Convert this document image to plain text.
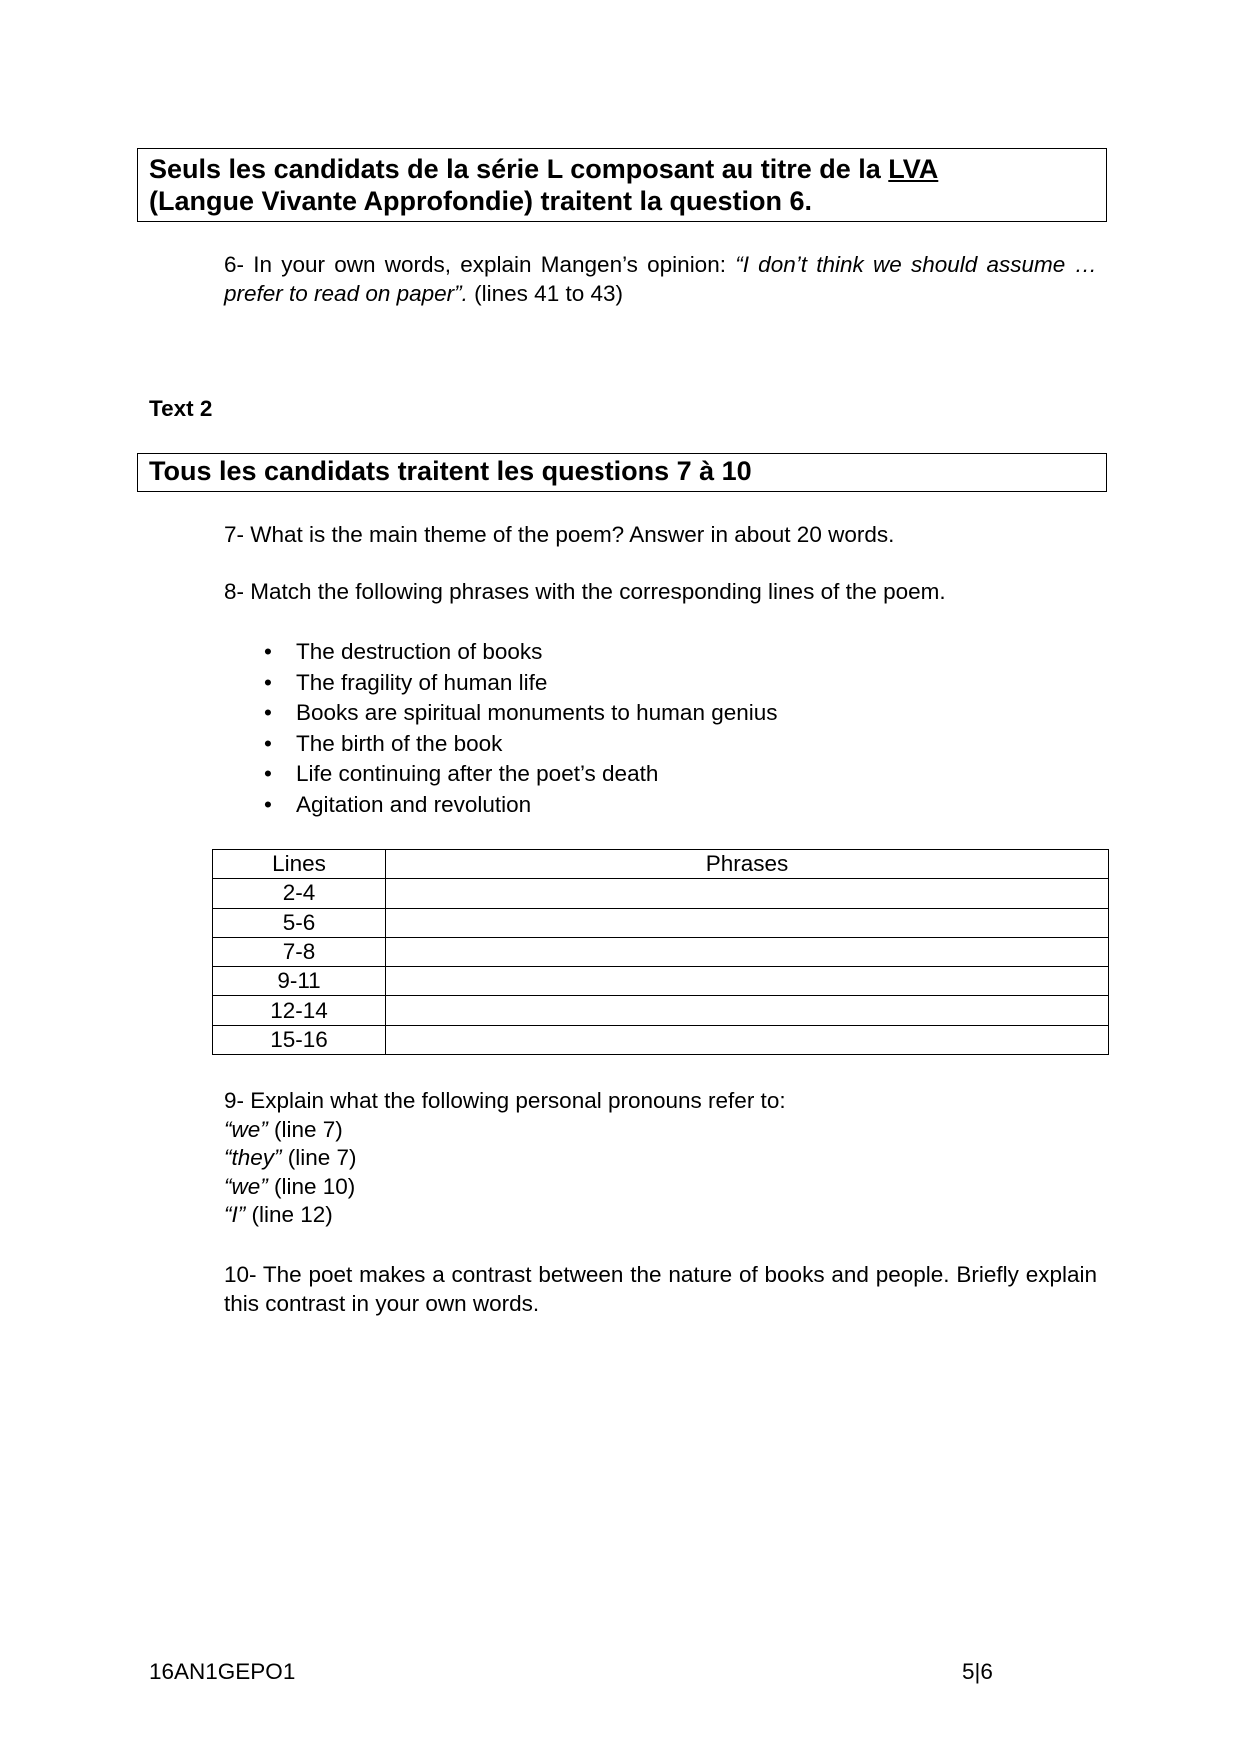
Seuls les candidats de la série L composant au titre de la LVA
(Langue Vivante Approfondie) traitent la question 6.
6- In your own words, explain Mangen’s opinion: “I don’t think we should assume … prefer to read on paper”. (lines 41 to 43)
Text 2
Tous les candidats traitent les questions 7 à 10
7- What is the main theme of the poem? Answer in about 20 words.
8- Match the following phrases with the corresponding lines of the poem.
• The destruction of books
• The fragility of human life
• Books are spiritual monuments to human genius
• The birth of the book
• Life continuing after the poet’s death
• Agitation and revolution
Lines	Phrases
2-4	
5-6	
7-8	
9-11	
12-14	
15-16	
9- Explain what the following personal pronouns refer to:
“we” (line 7)
“they” (line 7)
“we” (line 10)
“I” (line 12)
10- The poet makes a contrast between the nature of books and people. Briefly explain this contrast in your own words.
16AN1GEPO1	5|6
